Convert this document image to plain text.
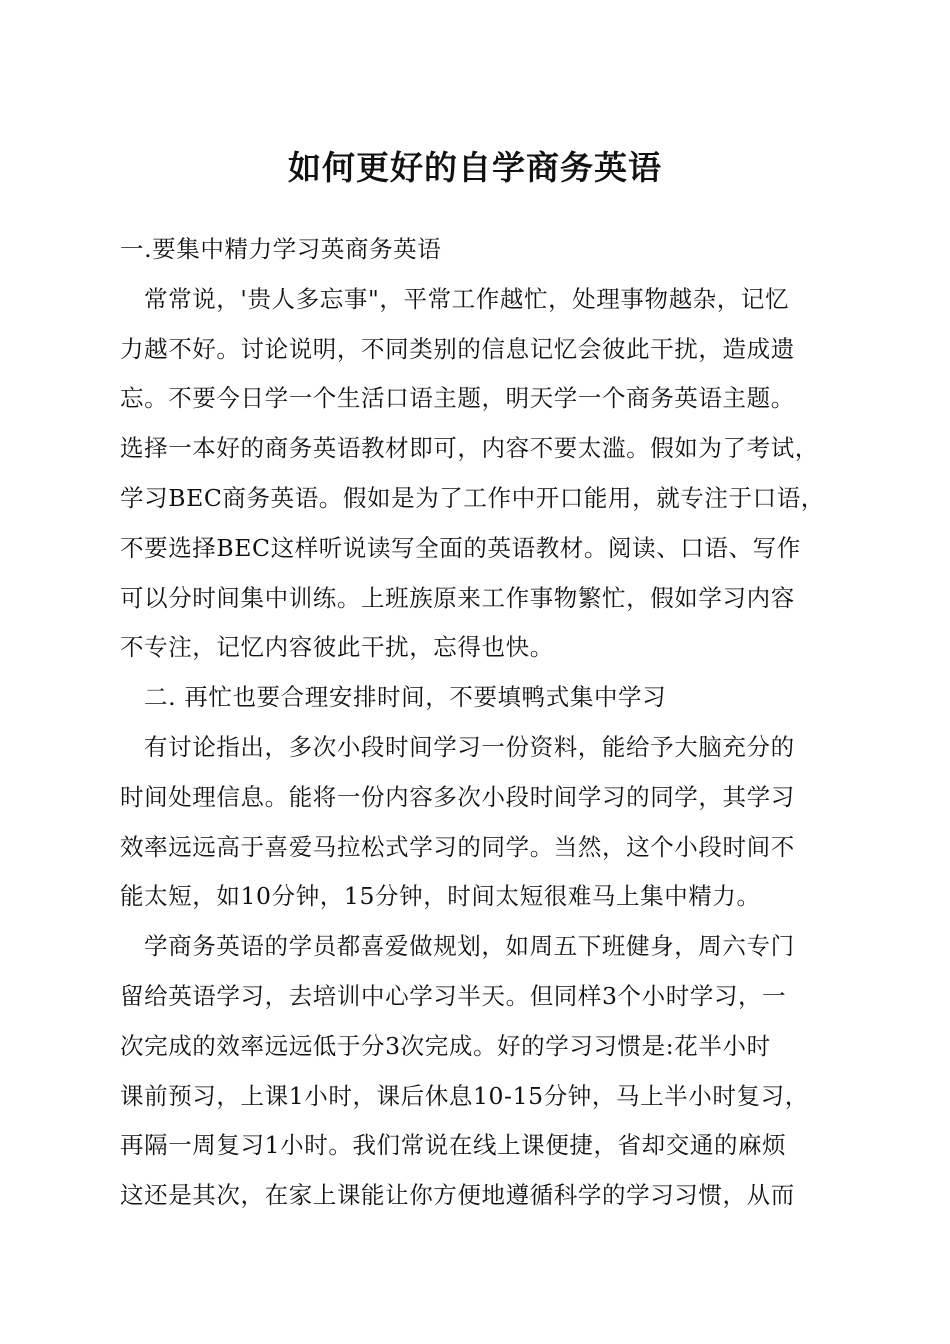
如何更好的自学商务英语
一.要集中精力学习英商务英语
常常说，'贵人多忘事"，平常工作越忙，处理事物越杂，记忆
力越不好。讨论说明，不同类别的信息记忆会彼此干扰，造成遗
忘。不要今日学一个生活口语主题，明天学一个商务英语主题。
选择一本好的商务英语教材即可，内容不要太滥。假如为了考试，
学习BEC商务英语。假如是为了工作中开口能用，就专注于口语，
不要选择BEC这样听说读写全面的英语教材。阅读、口语、写作
可以分时间集中训练。上班族原来工作事物繁忙，假如学习内容
不专注，记忆内容彼此干扰，忘得也快。
二. 再忙也要合理安排时间，不要填鸭式集中学习
有讨论指出，多次小段时间学习一份资料，能给予大脑充分的
时间处理信息。能将一份内容多次小段时间学习的同学，其学习
效率远远高于喜爱马拉松式学习的同学。当然，这个小段时间不
能太短，如10分钟，15分钟，时间太短很难马上集中精力。
学商务英语的学员都喜爱做规划，如周五下班健身，周六专门
留给英语学习，去培训中心学习半天。但同样3个小时学习，一
次完成的效率远远低于分3次完成。好的学习习惯是:花半小时
课前预习，上课1小时，课后休息10-15分钟，马上半小时复习，
再隔一周复习1小时。我们常说在线上课便捷，省却交通的麻烦
这还是其次，在家上课能让你方便地遵循科学的学习习惯，从而
